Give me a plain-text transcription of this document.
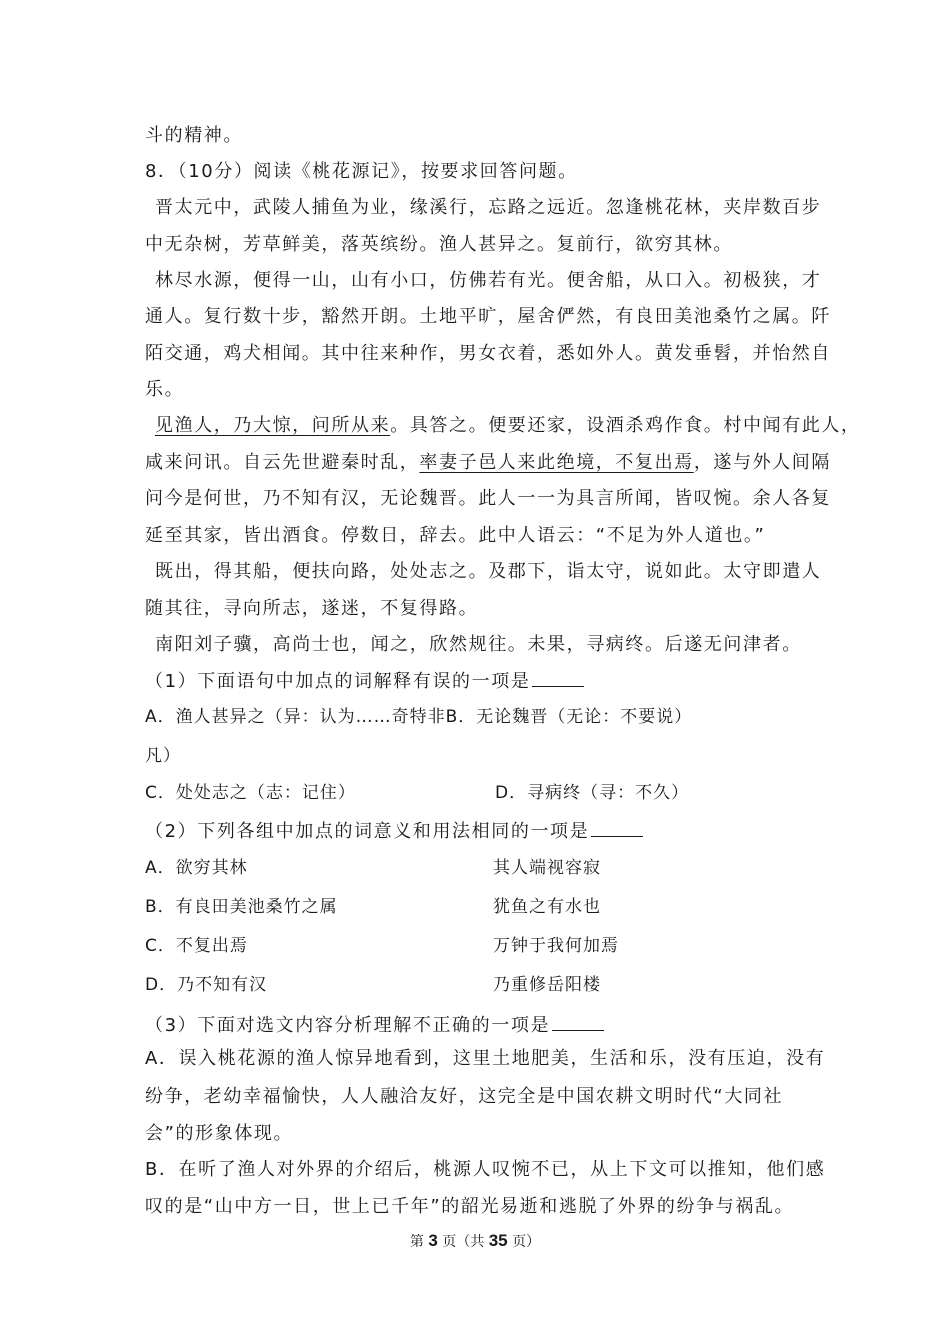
斗的精神。
8．（10分）阅读《桃花源记》，按要求回答问题。
晋太元中，武陵人捕鱼为业，缘溪行，忘路之远近。忽逢桃花林，夹岸数百步
中无杂树，芳草鲜美，落英缤纷。渔人甚异之。复前行，欲穷其林。
林尽水源，便得一山，山有小口，仿佛若有光。便舍船，从口入。初极狭，才
通人。复行数十步，豁然开朗。土地平旷，屋舍俨然，有良田美池桑竹之属。阡
陌交通，鸡犬相闻。其中往来种作，男女衣着，悉如外人。黄发垂髫，并怡然自
乐。
见渔人，乃大惊，问所从来。具答之。便要还家，设酒杀鸡作食。村中闻有此人，
咸来问讯。自云先世避秦时乱，率妻子邑人来此绝境，不复出焉，遂与外人间隔
问今是何世，乃不知有汉，无论魏晋。此人一一为具言所闻，皆叹惋。余人各复
延至其家，皆出酒食。停数日，辞去。此中人语云：“不足为外人道也。”
既出，得其船，便扶向路，处处志之。及郡下，诣太守，说如此。太守即遣人
随其往，寻向所志，遂迷，不复得路。
南阳刘子骥，高尚士也，闻之，欣然规往。未果，寻病终。后遂无问津者。
（1）下面语句中加点的词解释有误的一项是
A．渔人甚异之（异：认为……奇特非B．无论魏晋（无论：不要说）
凡）
C．处处志之（志：记住）	D．寻病终（寻：不久）
（2）下列各组中加点的词意义和用法相同的一项是
A．欲穷其林	其人端视容寂
B．有良田美池桑竹之属	犹鱼之有水也
C．不复出焉	万钟于我何加焉
D．乃不知有汉	乃重修岳阳楼
（3）下面对选文内容分析理解不正确的一项是
A．误入桃花源的渔人惊异地看到，这里土地肥美，生活和乐，没有压迫，没有
纷争，老幼幸福愉快，人人融洽友好，这完全是中国农耕文明时代“大同社
会”的形象体现。
B．在听了渔人对外界的介绍后，桃源人叹惋不已，从上下文可以推知，他们感
叹的是“山中方一日，世上已千年”的韶光易逝和逃脱了外界的纷争与祸乱。
第 3 页（共 35 页）
